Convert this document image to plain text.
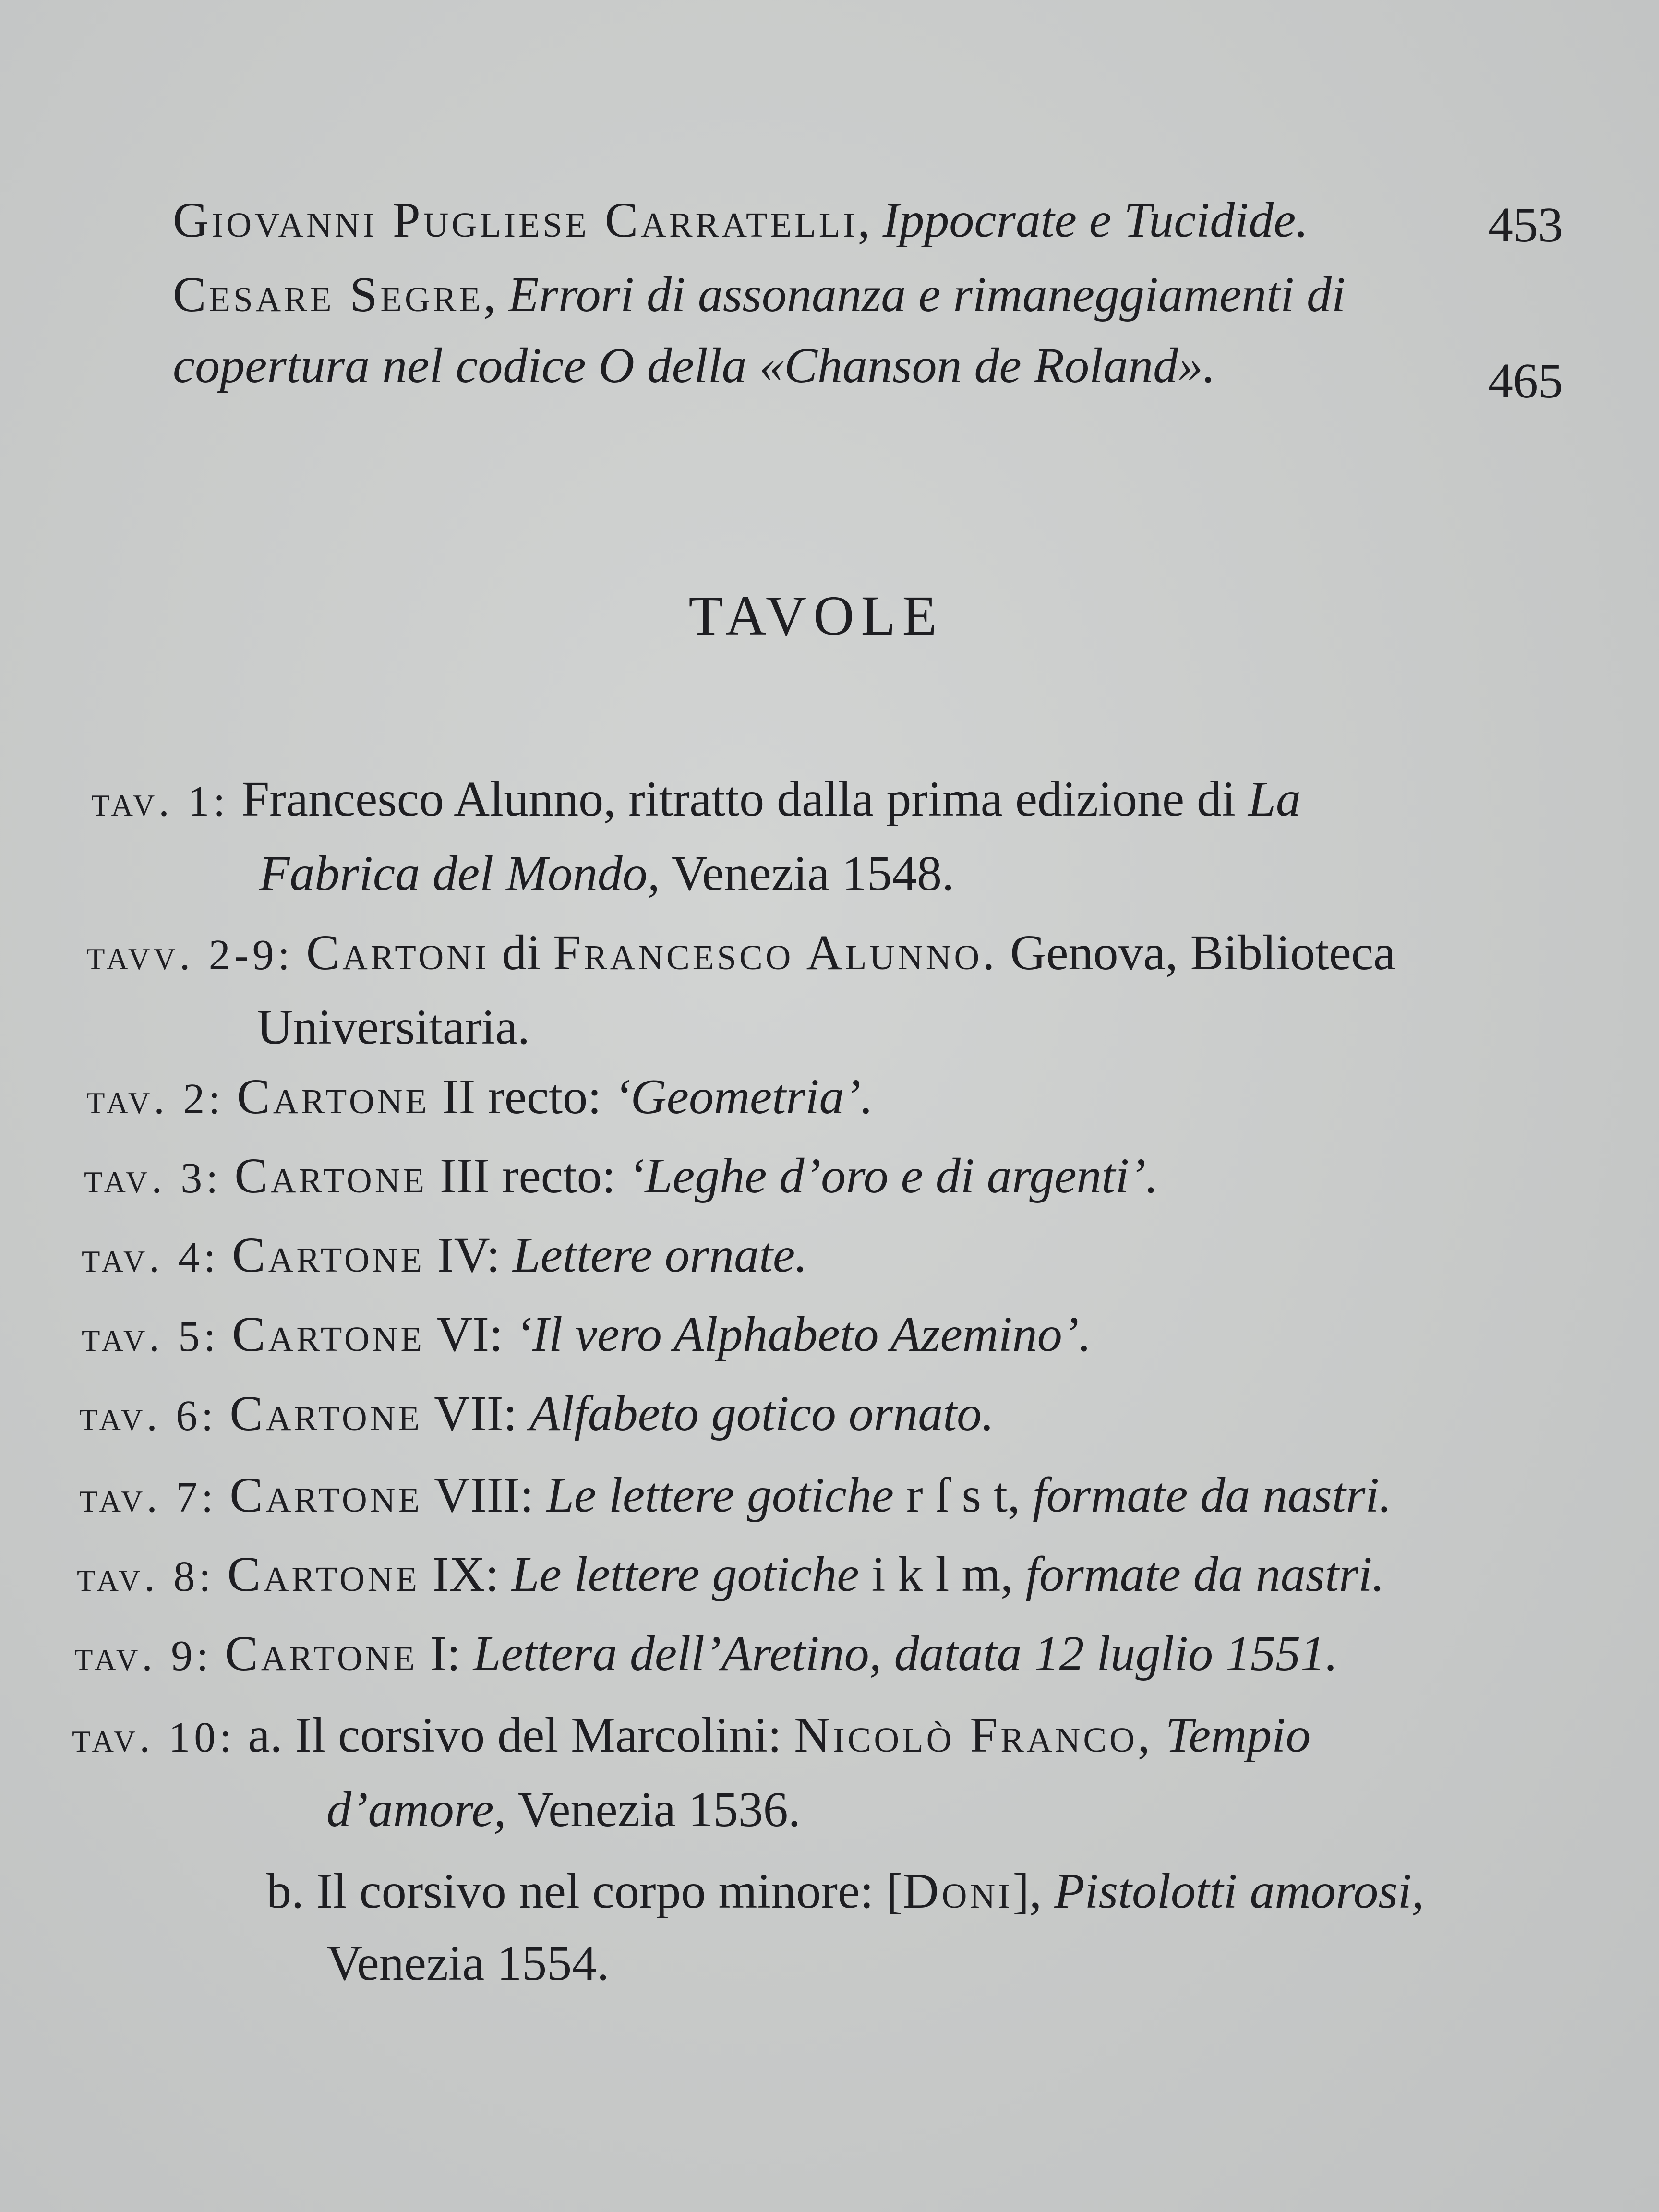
Giovanni Pugliese Carratelli, Ippocrate e Tucidide.	453
Cesare Segre, Errori di assonanza e rimaneggiamenti di
copertura nel codice O della «Chanson de Roland».	465
TAVOLE
tav. 1: Francesco Alunno, ritratto dalla prima edizione di La
Fabrica del Mondo, Venezia 1548.
tavv. 2-9: Cartoni di Francesco Alunno. Genova, Biblioteca
Universitaria.
tav. 2: Cartone II recto: ‘Geometria’.
tav. 3: Cartone III recto: ‘Leghe d’oro e di argenti’.
tav. 4: Cartone IV: Lettere ornate.
tav. 5: Cartone VI: ‘Il vero Alphabeto Azemino’.
tav. 6: Cartone VII: Alfabeto gotico ornato.
tav. 7: Cartone VIII: Le lettere gotiche r ſ s t, formate da nastri.
tav. 8: Cartone IX: Le lettere gotiche i k l m, formate da nastri.
tav. 9: Cartone I: Lettera dell’Aretino, datata 12 luglio 1551.
tav. 10: a. Il corsivo del Marcolini: Nicolò Franco, Tempio
d’amore, Venezia 1536.
b. Il corsivo nel corpo minore: [Doni], Pistolotti amorosi,
Venezia 1554.
